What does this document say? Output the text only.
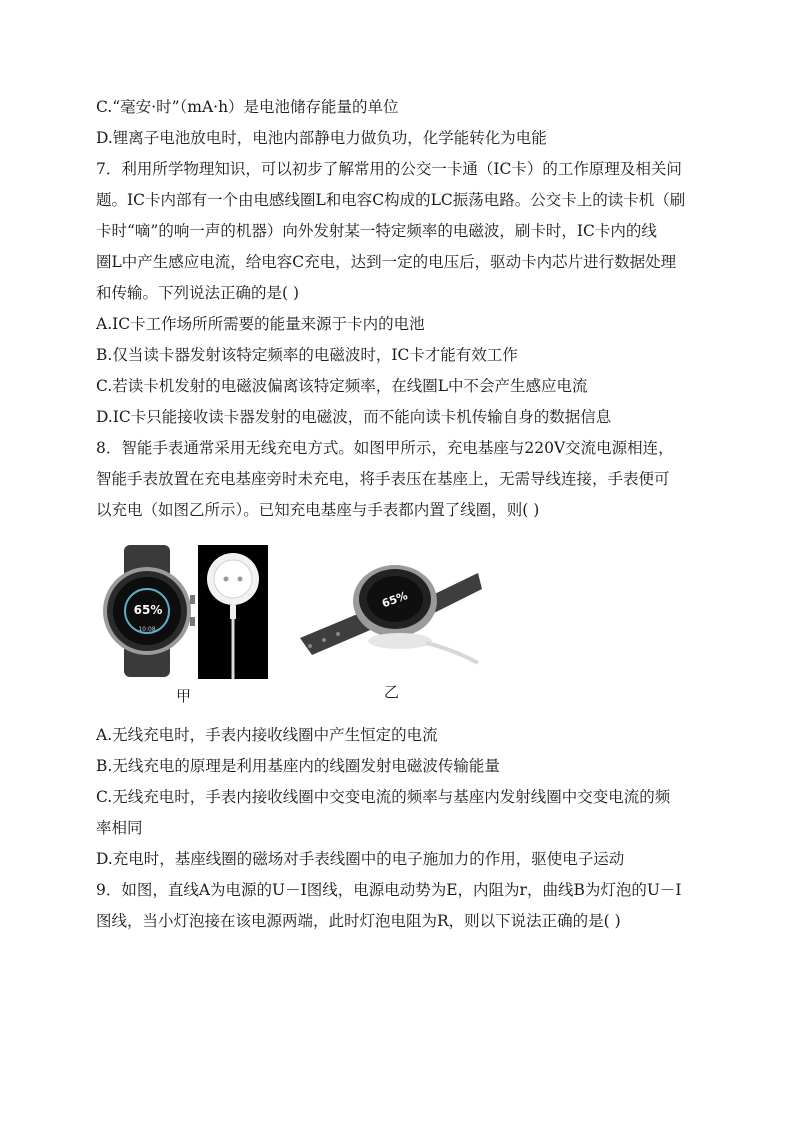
C.“毫安·时”（mA·h）是电池储存能量的单位
D.锂离子电池放电时，电池内部静电力做负功，化学能转化为电能
7．利用所学物理知识，可以初步了解常用的公交一卡通（IC卡）的工作原理及相关问
题。IC卡内部有一个由电感线圈L和电容C构成的LC振荡电路。公交卡上的读卡机（刷
卡时“嘀”的响一声的机器）向外发射某一特定频率的电磁波，刷卡时，IC卡内的线
圈L中产生感应电流，给电容C充电，达到一定的电压后，驱动卡内芯片进行数据处理
和传输。下列说法正确的是( )
A.IC卡工作场所所需要的能量来源于卡内的电池
B.仅当读卡器发射该特定频率的电磁波时，IC卡才能有效工作
C.若读卡机发射的电磁波偏离该特定频率，在线圈L中不会产生感应电流
D.IC卡只能接收读卡器发射的电磁波，而不能向读卡机传输自身的数据信息
8．智能手表通常采用无线充电方式。如图甲所示，充电基座与220V交流电源相连，
智能手表放置在充电基座旁时未充电，将手表压在基座上，无需导线连接，手表便可
以充电（如图乙所示）。已知充电基座与手表都内置了线圈，则( )
65%
10:08
65%
甲	乙
A.无线充电时，手表内接收线圈中产生恒定的电流
B.无线充电的原理是利用基座内的线圈发射电磁波传输能量
C.无线充电时，手表内接收线圈中交变电流的频率与基座内发射线圈中交变电流的频
率相同
D.充电时，基座线圈的磁场对手表线圈中的电子施加力的作用，驱使电子运动
9．如图，直线A为电源的U－I图线，电源电动势为E，内阻为r，曲线B为灯泡的U－I
图线，当小灯泡接在该电源两端，此时灯泡电阻为R，则以下说法正确的是( )
